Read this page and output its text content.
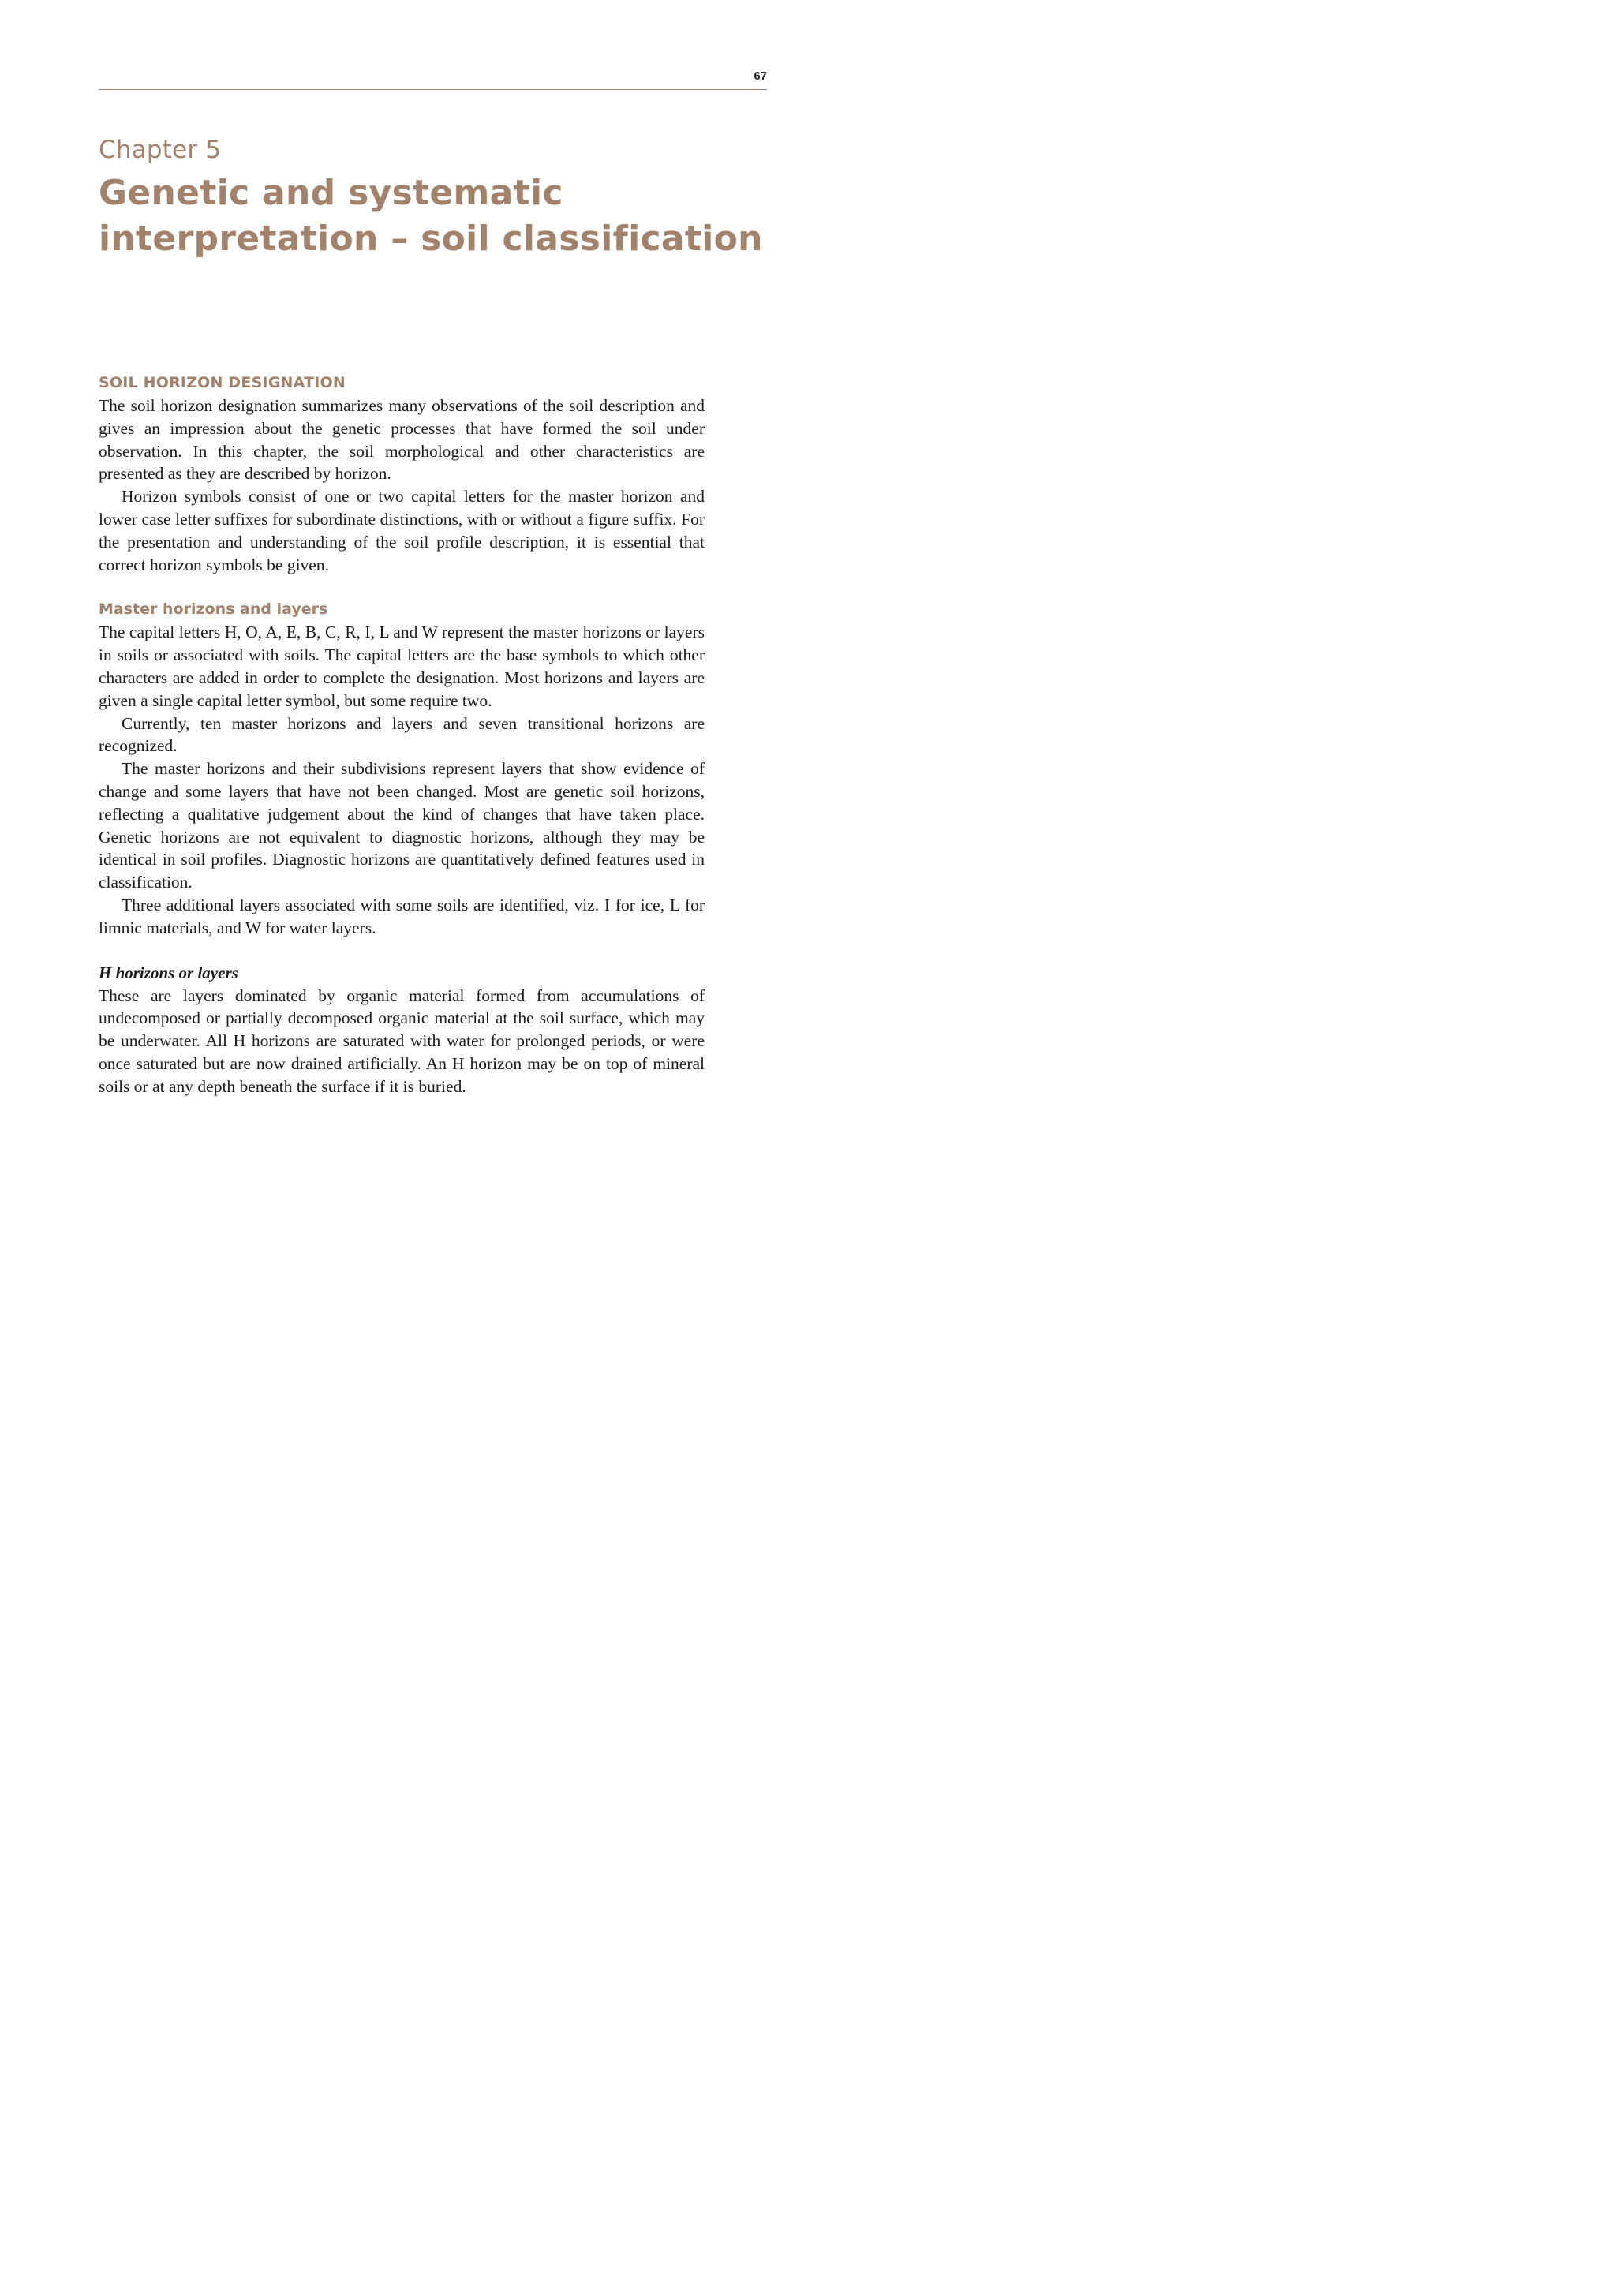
67
Chapter 5
Genetic and systematic interpretation – soil classification
SOIL HORIZON DESIGNATION

The soil horizon designation summarizes many observations of the soil description and gives an impression about the genetic processes that have formed the soil under observation. In this chapter, the soil morphological and other characteristics are presented as they are described by horizon.

Horizon symbols consist of one or two capital letters for the master horizon and lower case letter suffixes for subordinate distinctions, with or without a figure suffix. For the presentation and understanding of the soil profile description, it is essential that correct horizon symbols be given.

Master horizons and layers

The capital letters H, O, A, E, B, C, R, I, L and W represent the master horizons or layers in soils or associated with soils. The capital letters are the base symbols to which other characters are added in order to complete the designation. Most horizons and layers are given a single capital letter symbol, but some require two.

Currently, ten master horizons and layers and seven transitional horizons are recognized.

The master horizons and their subdivisions represent layers that show evidence of change and some layers that have not been changed. Most are genetic soil horizons, reflecting a qualitative judgement about the kind of changes that have taken place. Genetic horizons are not equivalent to diagnostic horizons, although they may be identical in soil profiles. Diagnostic horizons are quantitatively defined features used in classification.

Three additional layers associated with some soils are identified, viz. I for ice, L for limnic materials, and W for water layers.

H horizons or layers

These are layers dominated by organic material formed from accumulations of undecomposed or partially decomposed organic material at the soil surface, which may be underwater. All H horizons are saturated with water for prolonged periods, or were once saturated but are now drained artificially. An H horizon may be on top of mineral soils or at any depth beneath the surface if it is buried.
